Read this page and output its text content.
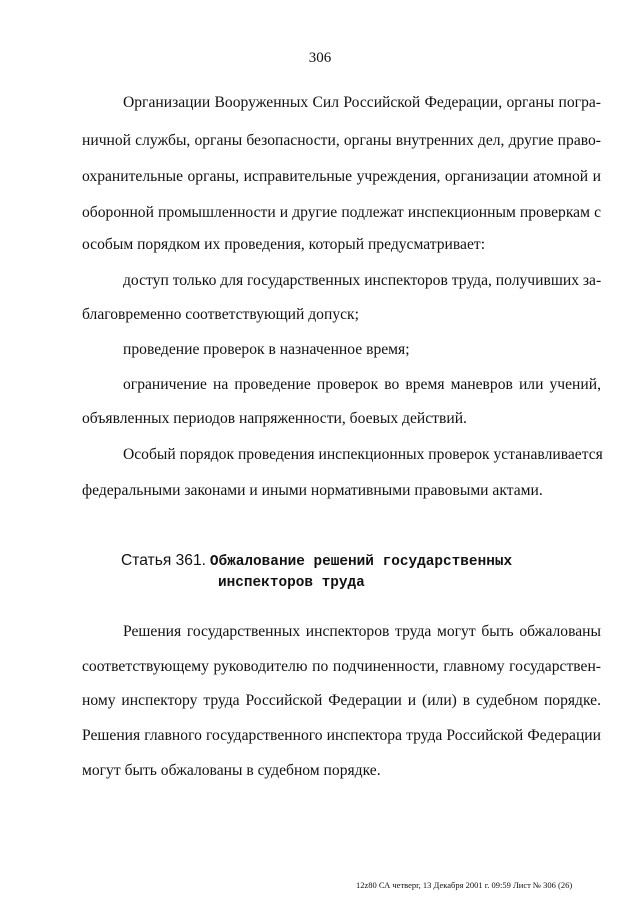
306
Организации Вооруженных Сил Российской Федерации, органы погра-
ничной службы, органы безопасности, органы внутренних дел, другие право-
охранительные органы, исправительные учреждения, организации атомной и
оборонной промышленности и другие подлежат инспекционным проверкам с
особым порядком их проведения, который предусматривает:
доступ только для государственных инспекторов труда, получивших за-
благовременно соответствующий допуск;
проведение проверок в назначенное время;
ограничение на проведение проверок во время маневров или учений,
объявленных периодов напряженности, боевых действий.
Особый порядок проведения инспекционных проверок устанавливается
федеральными законами и иными нормативными правовыми актами.
Статья 361. Обжалование решений государственных
инспекторов труда
Решения государственных инспекторов труда могут быть обжалованы
соответствующему руководителю по подчиненности, главному государствен-
ному инспектору труда Российской Федерации и (или) в судебном порядке.
Решения главного государственного инспектора труда Российской Федерации
могут быть обжалованы в судебном порядке.
12z80 СА четверг, 13 Декабря 2001 г. 09:59 Лист № 306 (26)
